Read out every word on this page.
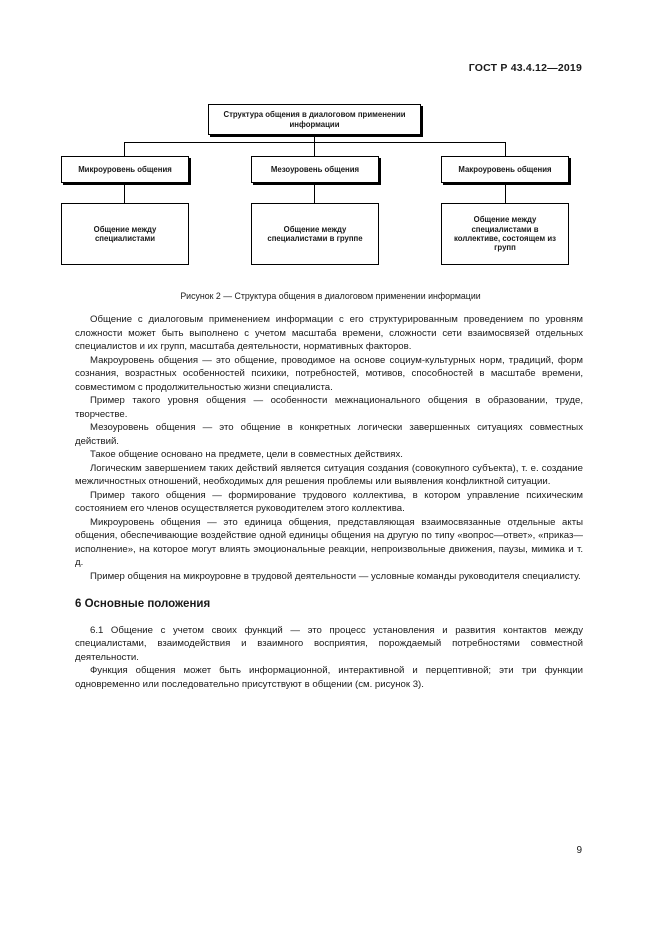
ГОСТ Р 43.4.12—2019
Структура общения в диалоговом применении информации
Микроуровень общения	Мезоуровень общения	Макроуровень общения
Общение между специалистами
Общение между специалистами в группе
Общение между специалистами в коллективе, состоящем из групп
Рисунок 2 — Структура общения в диалоговом применении информации

Общение с диалоговым применением информации с его структурированным проведением по уровням сложности может быть выполнено с учетом масштаба времени, сложности сети взаимосвязей отдельных специалистов и их групп, масштаба деятельности, нормативных факторов.

Макроуровень общения — это общение, проводимое на основе социум-культурных норм, традиций, форм сознания, возрастных особенностей психики, потребностей, мотивов, способностей в масштабе времени, совместимом с продолжительностью жизни специалиста.

Пример такого уровня общения — особенности межнационального общения в образовании, труде, творчестве.

Мезоуровень общения — это общение в конкретных логически завершенных ситуациях совместных действий.

Такое общение основано на предмете, цели в совместных действиях.

Логическим завершением таких действий является ситуация создания (совокупного субъекта), т. е. создание межличностных отношений, необходимых для решения проблемы или выявления конфликтной ситуации.

Пример такого общения — формирование трудового коллектива, в котором управление психическим состоянием его членов осуществляется руководителем этого коллектива.

Микроуровень общения — это единица общения, представляющая взаимосвязанные отдельные акты общения, обеспечивающие воздействие одной единицы общения на другую по типу «вопрос—ответ», «приказ—исполнение», на которое могут влиять эмоциональные реакции, непроизвольные движения, паузы, мимика и т. д.

Пример общения на микроуровне в трудовой деятельности — условные команды руководителя специалисту.

6 Основные положения

6.1 Общение с учетом своих функций — это процесс установления и развития контактов между специалистами, взаимодействия и взаимного восприятия, порождаемый потребностями совместной деятельности.

Функция общения может быть информационной, интерактивной и перцептивной; эти три функции одновременно или последовательно присутствуют в общении (см. рисунок 3).

9
